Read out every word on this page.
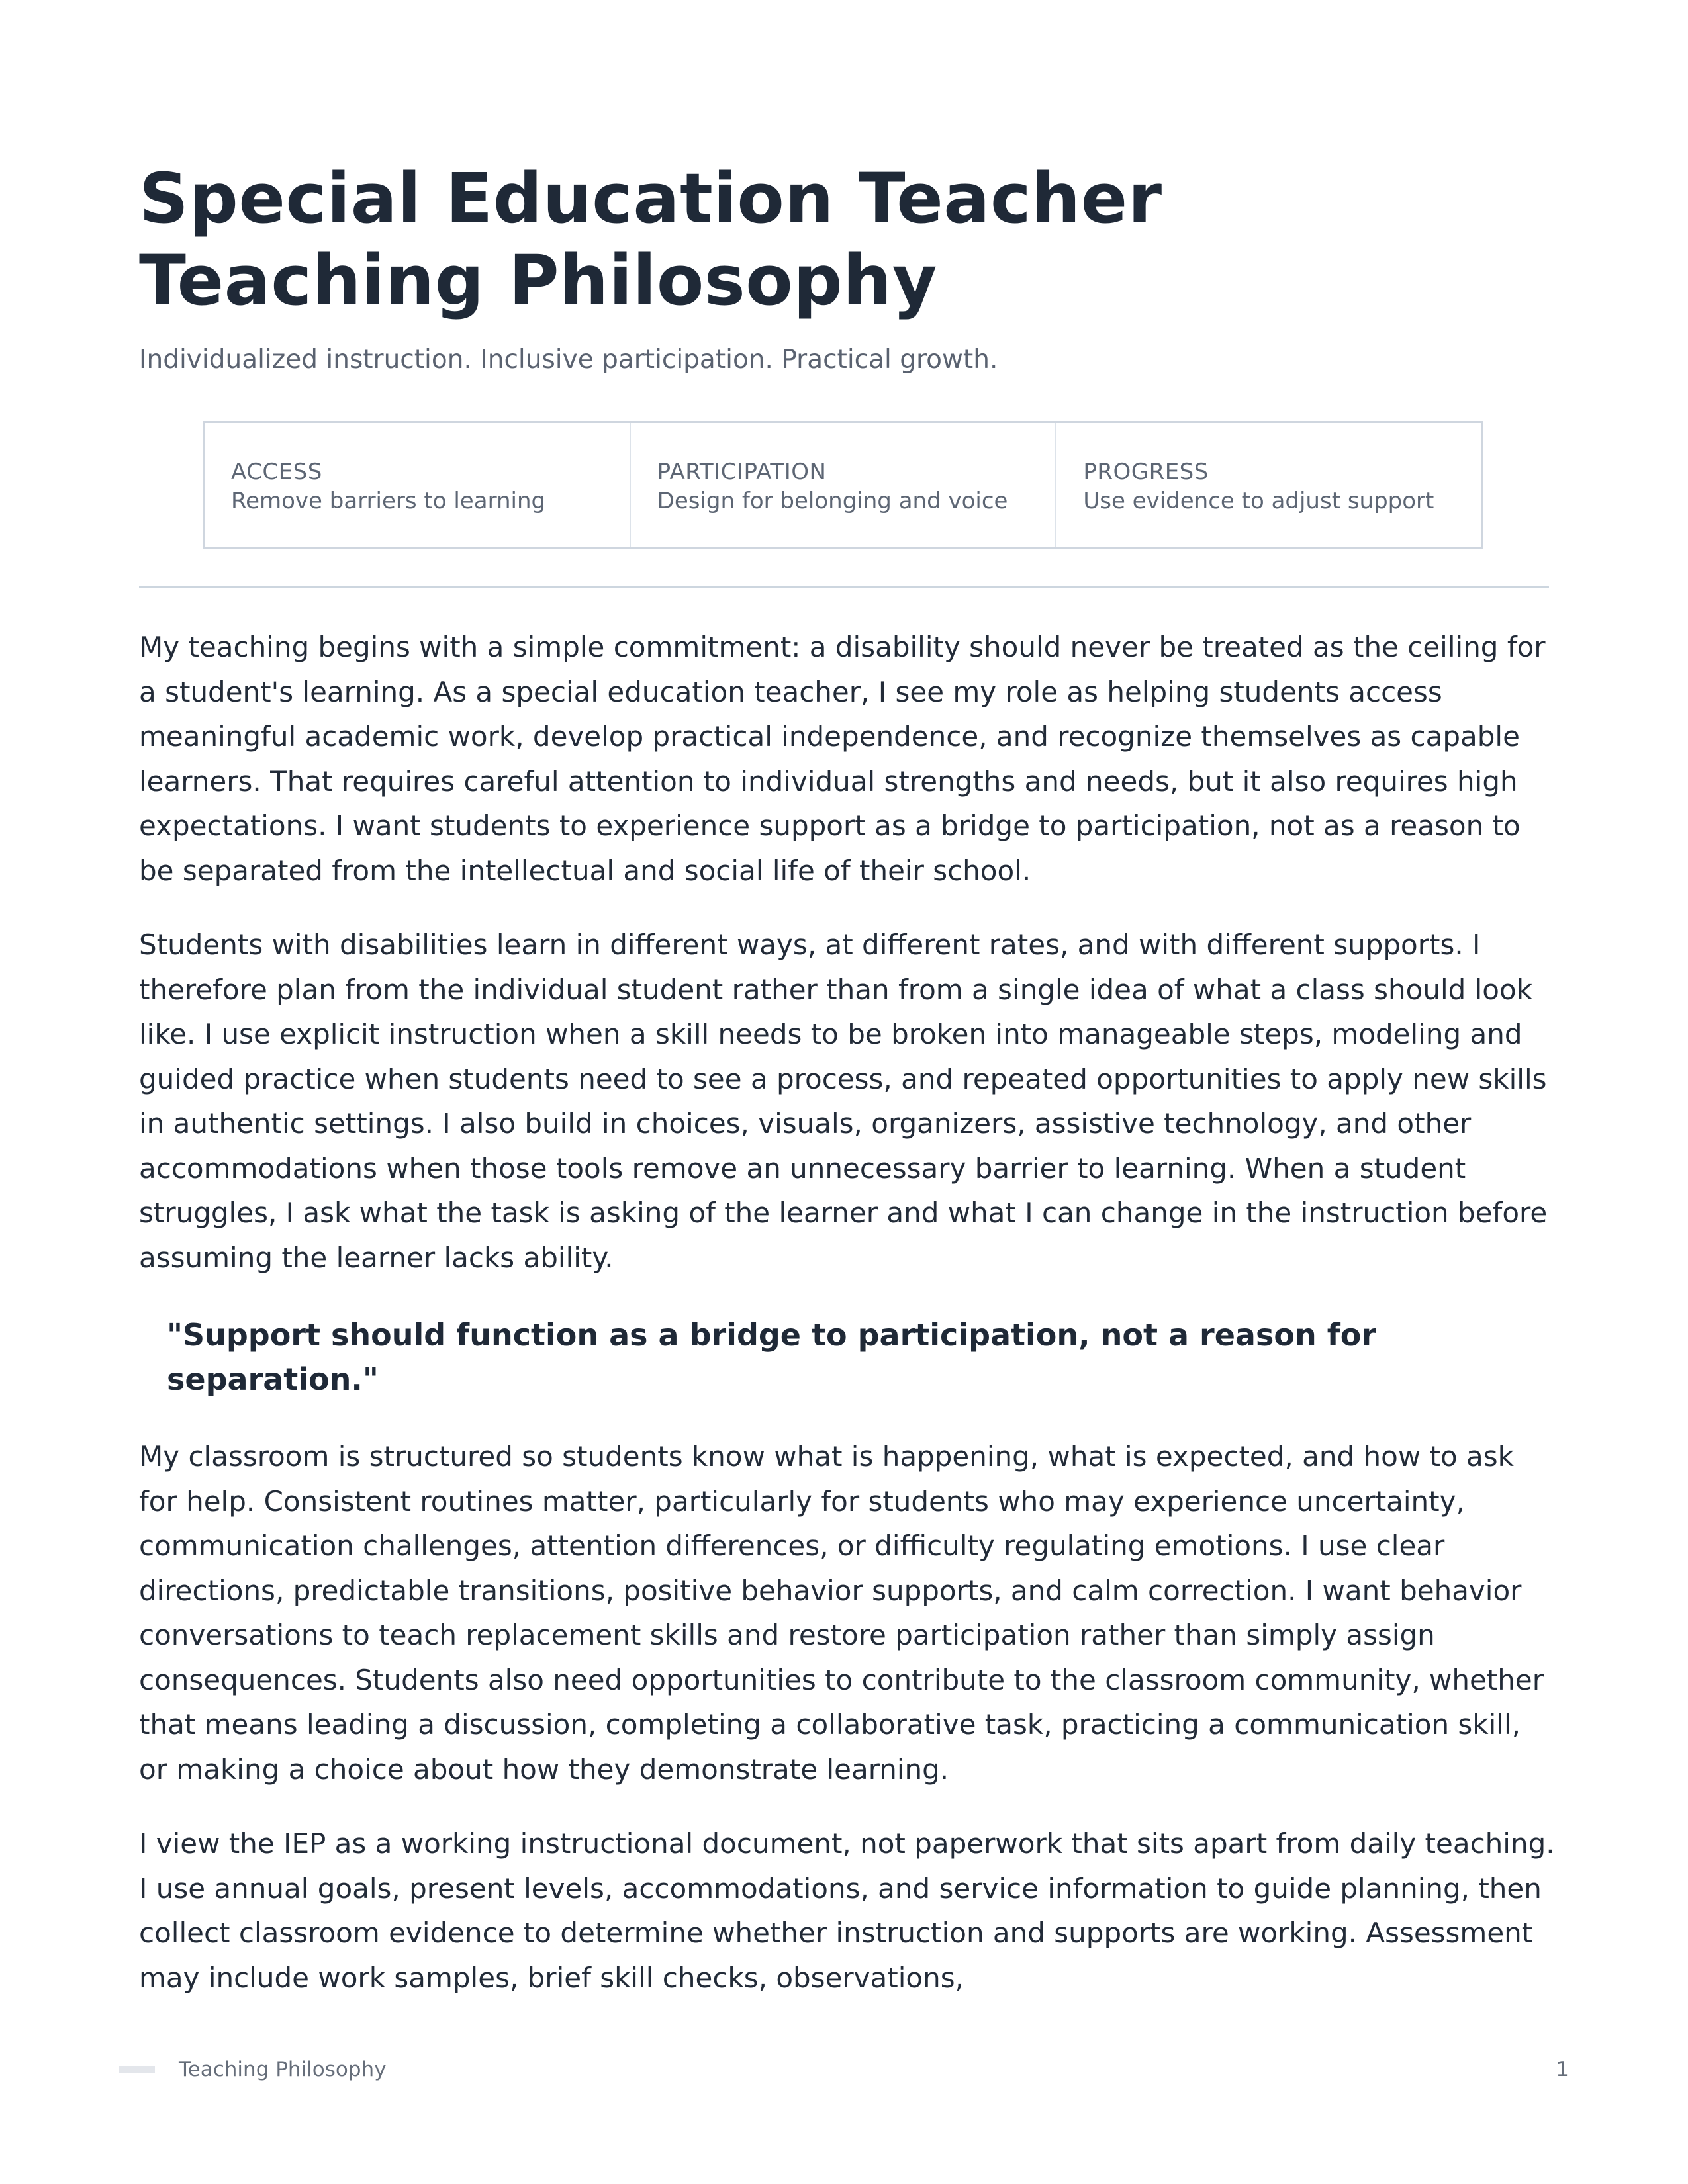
Special Education Teacher
Teaching Philosophy

Individualized instruction. Inclusive participation. Practical growth.

ACCESS
Remove barriers to learning
PARTICIPATION
Design for belonging and voice
PROGRESS
Use evidence to adjust support

My teaching begins with a simple commitment: a disability should never be treated as the ceiling for a student's learning. As a special education teacher, I see my role as helping students access meaningful academic work, develop practical independence, and recognize themselves as capable learners. That requires careful attention to individual strengths and needs, but it also requires high expectations. I want students to experience support as a bridge to participation, not as a reason to be separated from the intellectual and social life of their school.

Students with disabilities learn in different ways, at different rates, and with different supports. I therefore plan from the individual student rather than from a single idea of what a class should look like. I use explicit instruction when a skill needs to be broken into manageable steps, modeling and guided practice when students need to see a process, and repeated opportunities to apply new skills in authentic settings. I also build in choices, visuals, organizers, assistive technology, and other accommodations when those tools remove an unnecessary barrier to learning. When a student struggles, I ask what the task is asking of the learner and what I can change in the instruction before assuming the learner lacks ability.

"Support should function as a bridge to participation, not a reason for separation."

My classroom is structured so students know what is happening, what is expected, and how to ask for help. Consistent routines matter, particularly for students who may experience uncertainty, communication challenges, attention differences, or difficulty regulating emotions. I use clear directions, predictable transitions, positive behavior supports, and calm correction. I want behavior conversations to teach replacement skills and restore participation rather than simply assign consequences. Students also need opportunities to contribute to the classroom community, whether that means leading a discussion, completing a collaborative task, practicing a communication skill, or making a choice about how they demonstrate learning.

I view the IEP as a working instructional document, not paperwork that sits apart from daily teaching. I use annual goals, present levels, accommodations, and service information to guide planning, then collect classroom evidence to determine whether instruction and supports are working. Assessment may include work samples, brief skill checks, observations,

Teaching Philosophy	1
